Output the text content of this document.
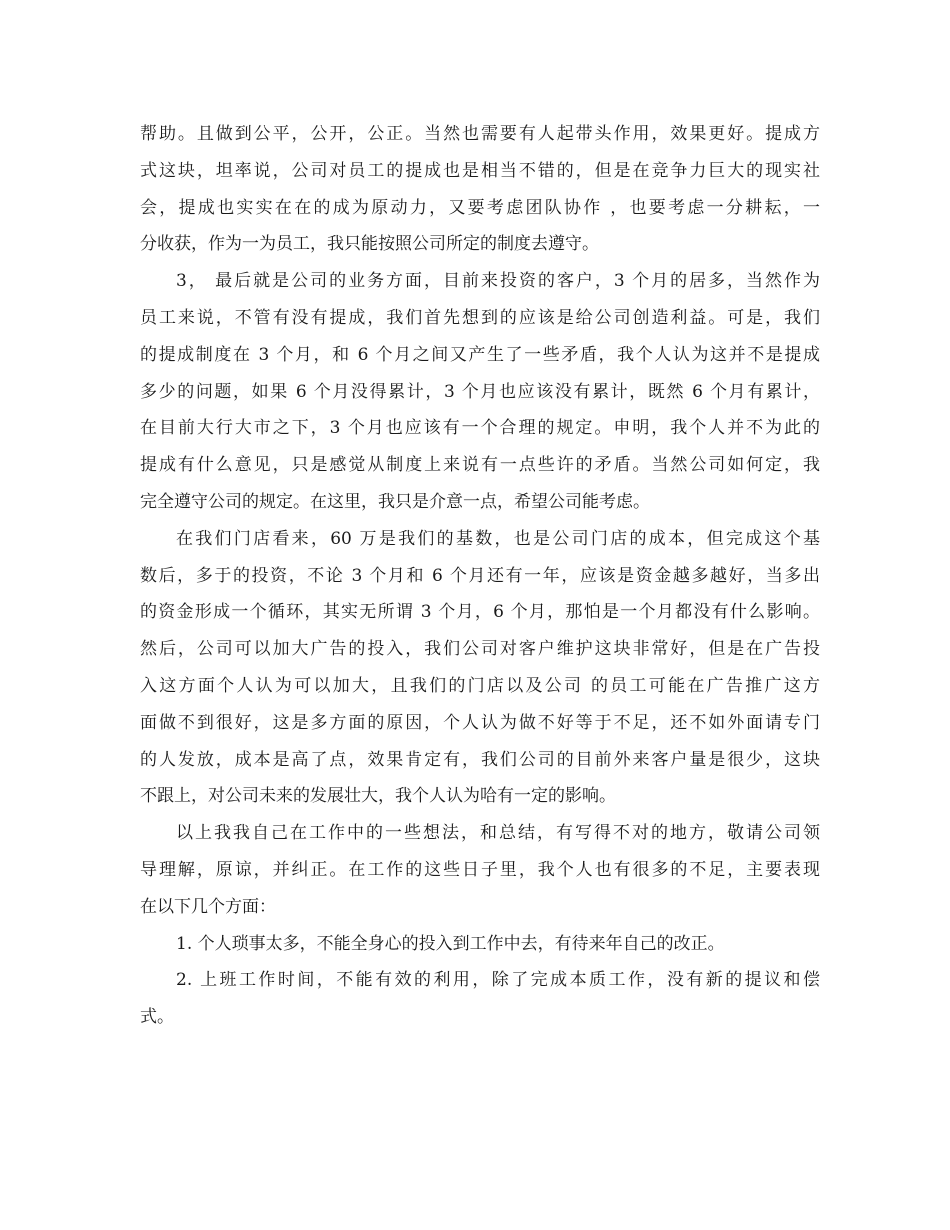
帮助。且做到公平，公开，公正。当然也需要有人起带头作用，效果更好。提成方
式这块，坦率说，公司对员工的提成也是相当不错的，但是在竞争力巨大的现实社
会，提成也实实在在的成为原动力，又要考虑团队协作 ，也要考虑一分耕耘，一
分收获，作为一为员工，我只能按照公司所定的制度去遵守。
3， 最后就是公司的业务方面，目前来投资的客户，3 个月的居多，当然作为
员工来说，不管有没有提成，我们首先想到的应该是给公司创造利益。可是，我们
的提成制度在 3 个月，和 6 个月之间又产生了一些矛盾，我个人认为这并不是提成
多少的问题，如果 6 个月没得累计，3 个月也应该没有累计，既然 6 个月有累计，
在目前大行大市之下，3 个月也应该有一个合理的规定。申明，我个人并不为此的
提成有什么意见，只是感觉从制度上来说有一点些许的矛盾。当然公司如何定，我
完全遵守公司的规定。在这里，我只是介意一点，希望公司能考虑。
在我们门店看来，60 万是我们的基数，也是公司门店的成本，但完成这个基
数后，多于的投资，不论 3 个月和 6 个月还有一年，应该是资金越多越好，当多出
的资金形成一个循环，其实无所谓 3 个月，6 个月，那怕是一个月都没有什么影响。
然后，公司可以加大广告的投入，我们公司对客户维护这块非常好，但是在广告投
入这方面个人认为可以加大，且我们的门店以及公司 的员工可能在广告推广这方
面做不到很好，这是多方面的原因，个人认为做不好等于不足，还不如外面请专门
的人发放，成本是高了点，效果肯定有，我们公司的目前外来客户量是很少，这块
不跟上，对公司未来的发展壮大，我个人认为哈有一定的影响。
以上我我自己在工作中的一些想法，和总结，有写得不对的地方，敬请公司领
导理解，原谅，并纠正。在工作的这些日子里，我个人也有很多的不足，主要表现
在以下几个方面：
1. 个人琐事太多，不能全身心的投入到工作中去，有待来年自己的改正。
2. 上班工作时间，不能有效的利用，除了完成本质工作，没有新的提议和偿
式。
